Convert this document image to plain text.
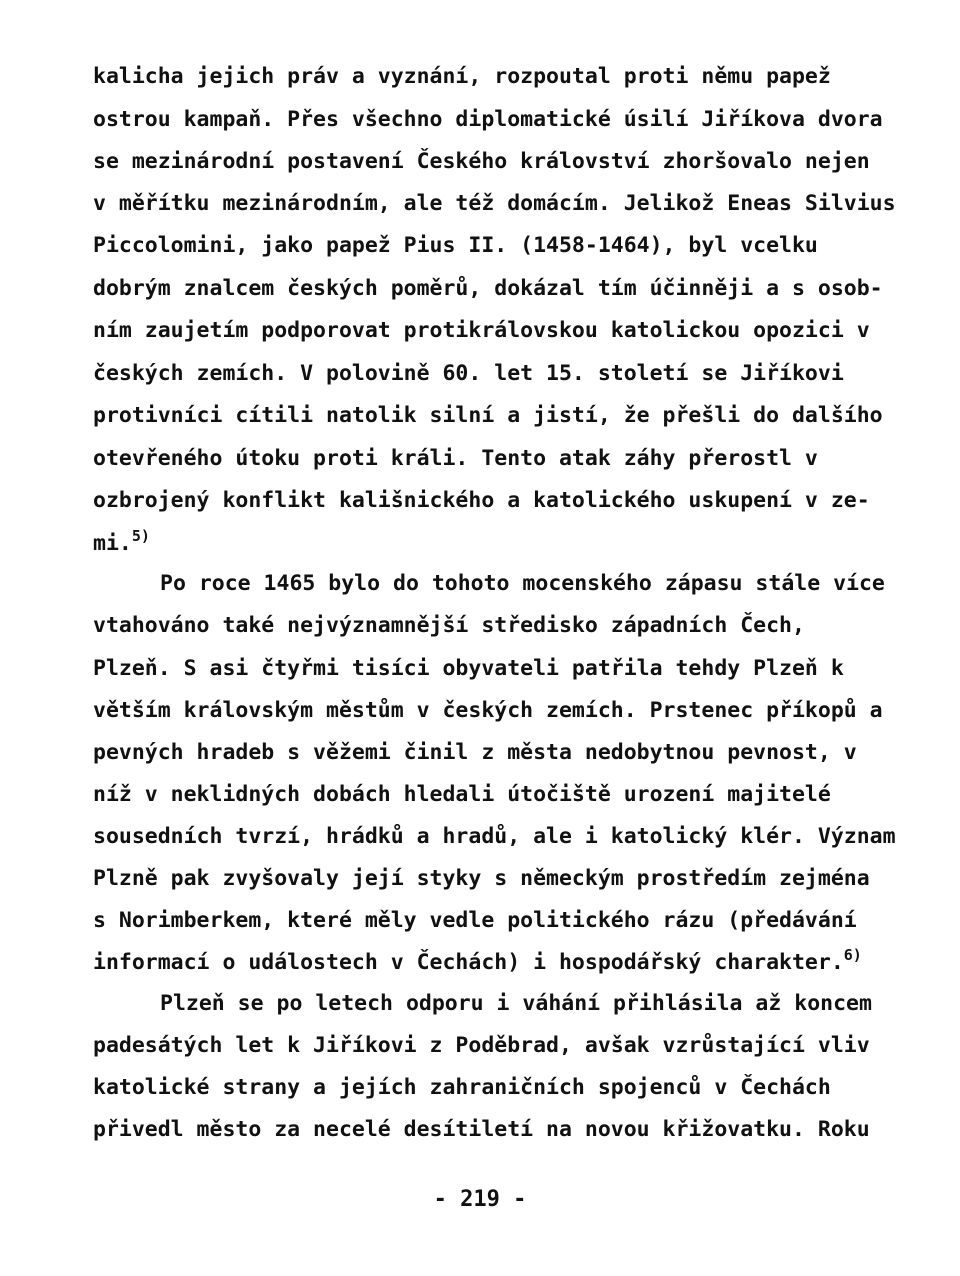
kalicha jejich práv a vyznání, rozpoutal proti němu papež
ostrou kampaň. Přes všechno diplomatické úsilí Jiříkova dvora
se mezinárodní postavení Českého království zhoršovalo nejen
v měřítku mezinárodním, ale též domácím. Jelikož Eneas Silvius
Piccolomini, jako papež Pius II. (1458-1464), byl vcelku
dobrým znalcem českých poměrů, dokázal tím účinněji a s osob-
ním zaujetím podporovat protikrálovskou katolickou opozici v
českých zemích. V polovině 60. let 15. století se Jiříkovi
protivníci cítili natolik silní a jistí, že přešli do dalšího
otevřeného útoku proti králi. Tento atak záhy přerostl v
ozbrojený konflikt kališnického a katolického uskupení v ze-
mi.$^{5)}$
Po roce 1465 bylo do tohoto mocenského zápasu stále více
vtahováno také nejvýznamnější středisko západních Čech,
Plzeň. S asi čtyřmi tisíci obyvateli patřila tehdy Plzeň k
větším královským městům v českých zemích. Prstenec příkopů a
pevných hradeb s věžemi činil z města nedobytnou pevnost, v
níž v neklidných dobách hledali útočiště urození majitelé
sousedních tvrzí, hrádků a hradů, ale i katolický klér. Význam
Plzně pak zvyšovaly její styky s německým prostředím zejména
s Norimberkem, které měly vedle politického rázu (předávání
informací o událostech v Čechách) i hospodářský charakter.$^{6)}$
Plzeň se po letech odporu i váhání přihlásila až koncem
padesátých let k Jiříkovi z Poděbrad, avšak vzrůstající vliv
katolické strany a jejích zahraničních spojenců v Čechách
přivedl město za necelé desítiletí na novou křižovatku. Roku
- 219 -
